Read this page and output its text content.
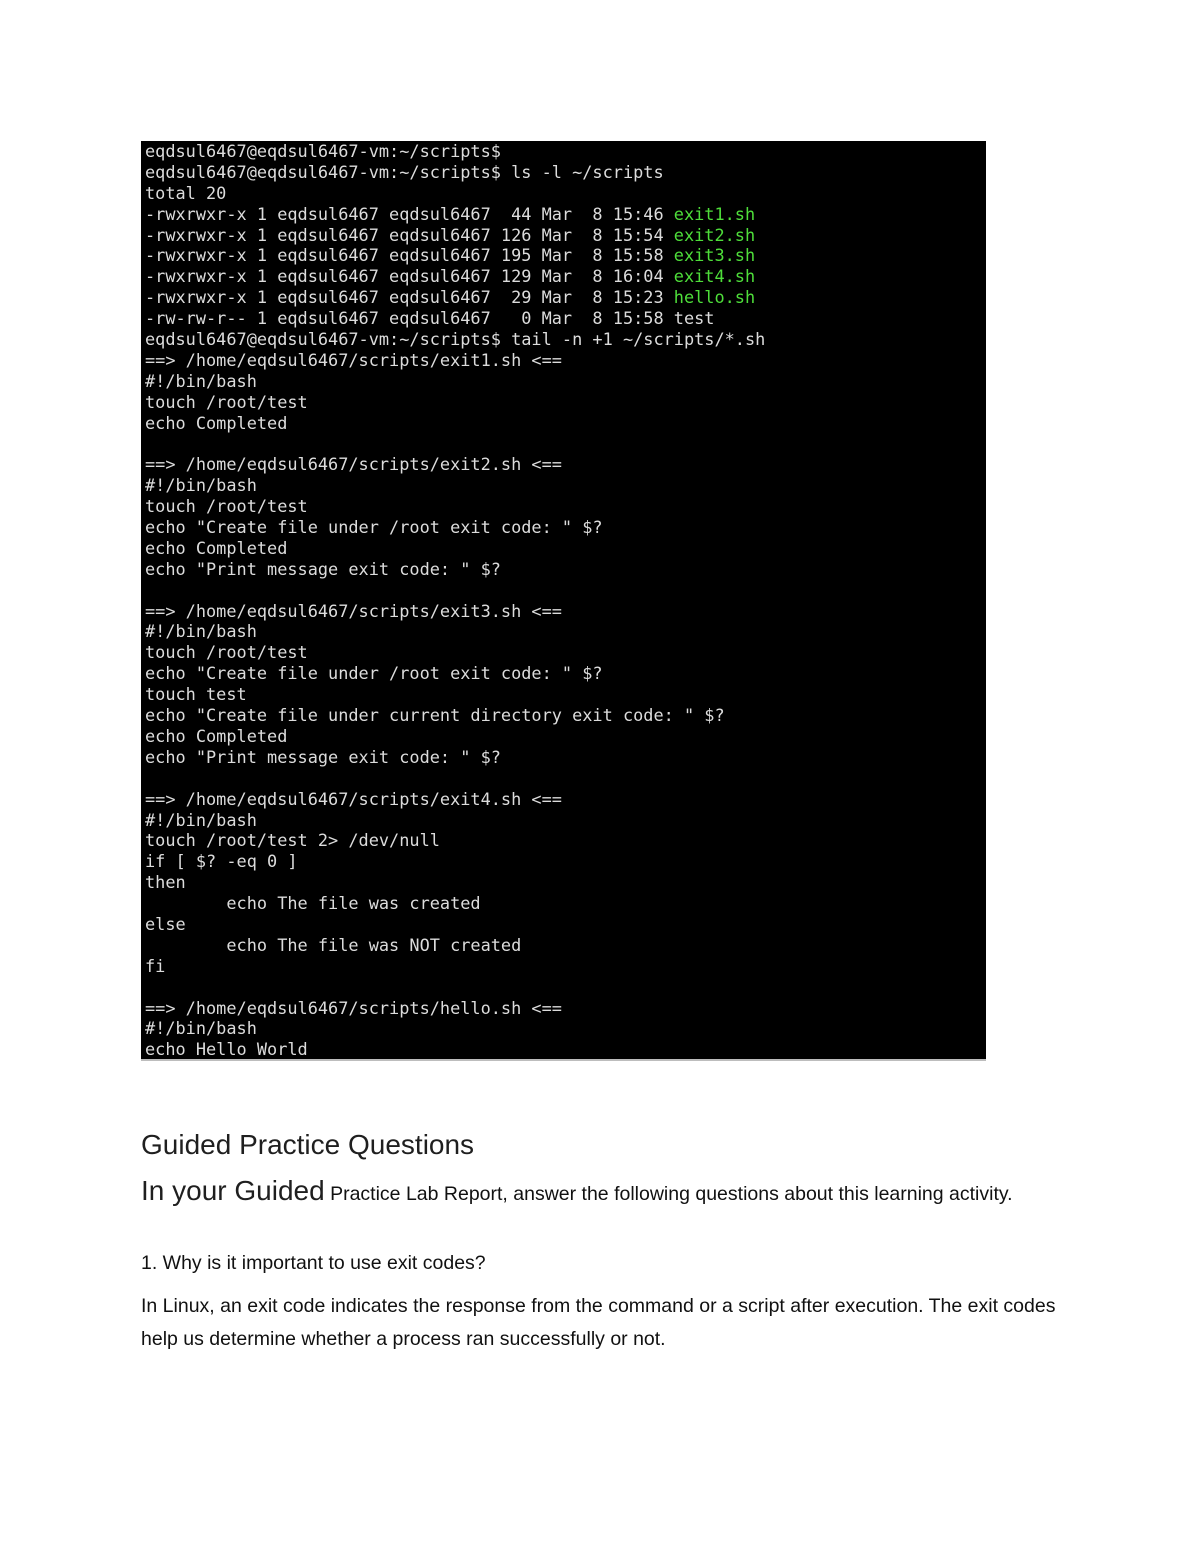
eqdsul6467@eqdsul6467-vm:~/scripts$
eqdsul6467@eqdsul6467-vm:~/scripts$ ls -l ~/scripts
total 20
-rwxrwxr-x 1 eqdsul6467 eqdsul6467  44 Mar  8 15:46 exit1.sh
-rwxrwxr-x 1 eqdsul6467 eqdsul6467 126 Mar  8 15:54 exit2.sh
-rwxrwxr-x 1 eqdsul6467 eqdsul6467 195 Mar  8 15:58 exit3.sh
-rwxrwxr-x 1 eqdsul6467 eqdsul6467 129 Mar  8 16:04 exit4.sh
-rwxrwxr-x 1 eqdsul6467 eqdsul6467  29 Mar  8 15:23 hello.sh
-rw-rw-r-- 1 eqdsul6467 eqdsul6467   0 Mar  8 15:58 test
eqdsul6467@eqdsul6467-vm:~/scripts$ tail -n +1 ~/scripts/*.sh
==> /home/eqdsul6467/scripts/exit1.sh <==
#!/bin/bash
touch /root/test
echo Completed
==> /home/eqdsul6467/scripts/exit2.sh <==
#!/bin/bash
touch /root/test
echo "Create file under /root exit code: " $?
echo Completed
echo "Print message exit code: " $?
==> /home/eqdsul6467/scripts/exit3.sh <==
#!/bin/bash
touch /root/test
echo "Create file under /root exit code: " $?
touch test
echo "Create file under current directory exit code: " $?
echo Completed
echo "Print message exit code: " $?
==> /home/eqdsul6467/scripts/exit4.sh <==
#!/bin/bash
touch /root/test 2> /dev/null
if [ $? -eq 0 ]
then
echo The file was created
else
echo The file was NOT created
fi
==> /home/eqdsul6467/scripts/hello.sh <==
#!/bin/bash
echo Hello World
Guided Practice Questions
In your Guided Practice Lab Report, answer the following questions about this learning activity.
1. Why is it important to use exit codes?
In Linux, an exit code indicates the response from the command or a script after execution. The exit codes help us determine whether a process ran successfully or not.
